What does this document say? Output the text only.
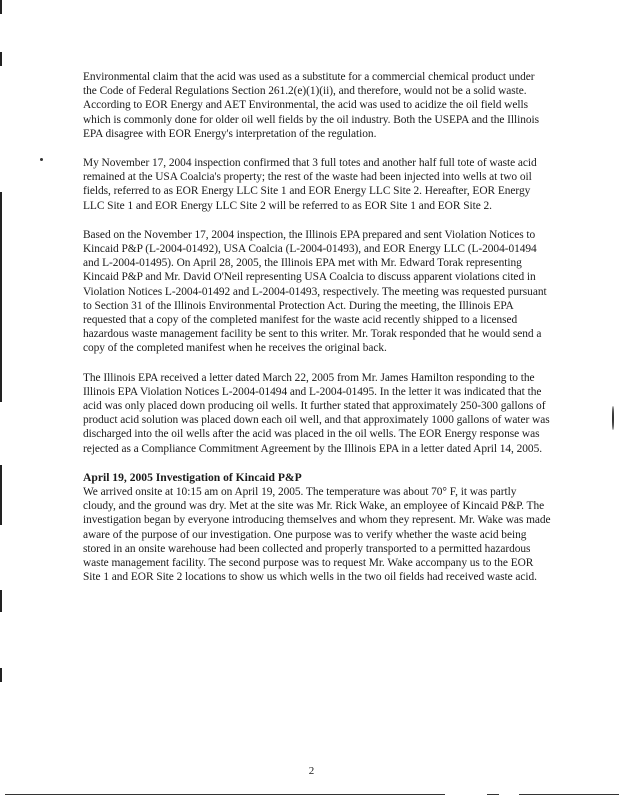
Environmental claim that the acid was used as a substitute for a commercial chemical product under the Code of Federal Regulations Section 261.2(e)(1)(ii), and therefore, would not be a solid waste. According to EOR Energy and AET Environmental, the acid was used to acidize the oil field wells which is commonly done for older oil well fields by the oil industry. Both the USEPA and the Illinois EPA disagree with EOR Energy's interpretation of the regulation.

My November 17, 2004 inspection confirmed that 3 full totes and another half full tote of waste acid remained at the USA Coalcia's property; the rest of the waste had been injected into wells at two oil fields, referred to as EOR Energy LLC Site 1 and EOR Energy LLC Site 2. Hereafter, EOR Energy LLC Site 1 and EOR Energy LLC Site 2 will be referred to as EOR Site 1 and EOR Site 2.

Based on the November 17, 2004 inspection, the Illinois EPA prepared and sent Violation Notices to Kincaid P&P (L-2004-01492), USA Coalcia (L-2004-01493), and EOR Energy LLC (L-2004-01494 and L-2004-01495). On April 28, 2005, the Illinois EPA met with Mr. Edward Torak representing Kincaid P&P and Mr. David O'Neil representing USA Coalcia to discuss apparent violations cited in Violation Notices L-2004-01492 and L-2004-01493, respectively. The meeting was requested pursuant to Section 31 of the Illinois Environmental Protection Act. During the meeting, the Illinois EPA requested that a copy of the completed manifest for the waste acid recently shipped to a licensed hazardous waste management facility be sent to this writer. Mr. Torak responded that he would send a copy of the completed manifest when he receives the original back.

The Illinois EPA received a letter dated March 22, 2005 from Mr. James Hamilton responding to the Illinois EPA Violation Notices L-2004-01494 and L-2004-01495. In the letter it was indicated that the acid was only placed down producing oil wells. It further stated that approximately 250-300 gallons of product acid solution was placed down each oil well, and that approximately 1000 gallons of water was discharged into the oil wells after the acid was placed in the oil wells. The EOR Energy response was rejected as a Compliance Commitment Agreement by the Illinois EPA in a letter dated April 14, 2005.

April 19, 2005 Investigation of Kincaid P&P

We arrived onsite at 10:15 am on April 19, 2005. The temperature was about 70° F, it was partly cloudy, and the ground was dry. Met at the site was Mr. Rick Wake, an employee of Kincaid P&P. The investigation began by everyone introducing themselves and whom they represent. Mr. Wake was made aware of the purpose of our investigation. One purpose was to verify whether the waste acid being stored in an onsite warehouse had been collected and properly transported to a permitted hazardous waste management facility. The second purpose was to request Mr. Wake accompany us to the EOR Site 1 and EOR Site 2 locations to show us which wells in the two oil fields had received waste acid.

2
